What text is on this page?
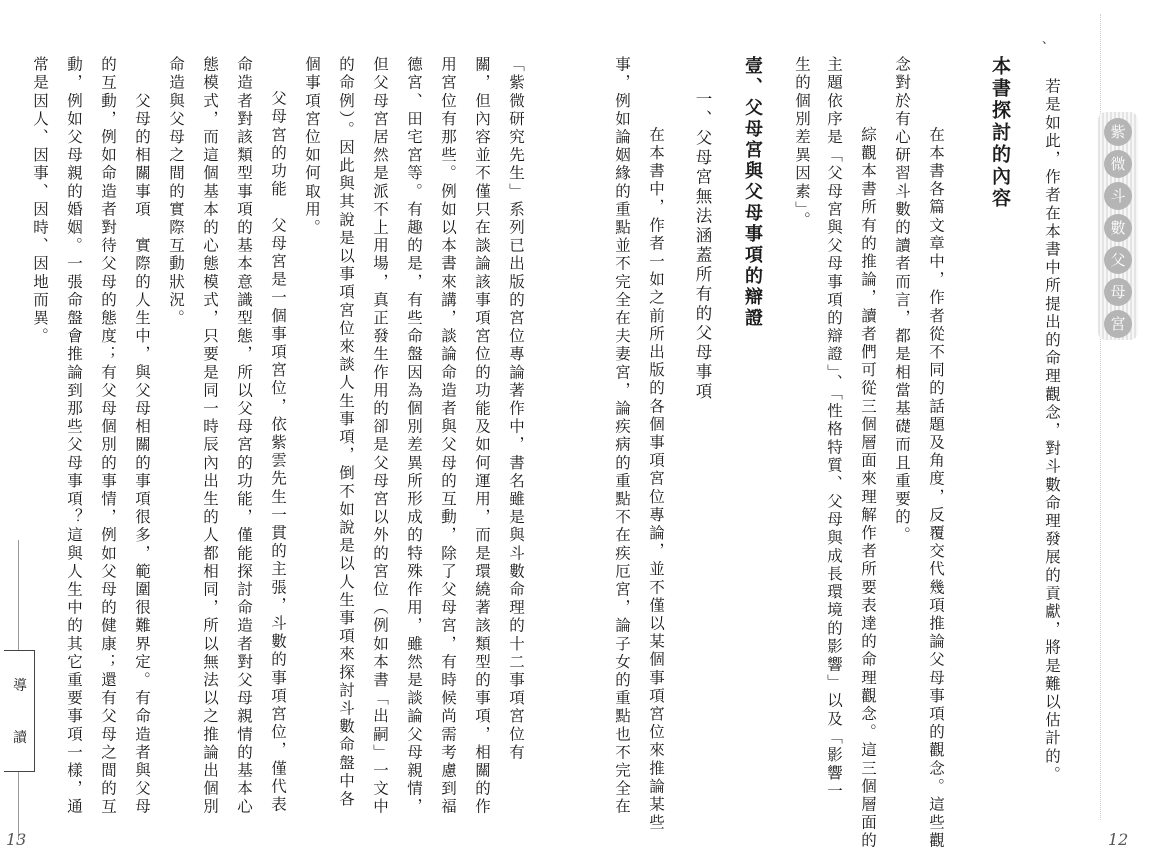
紫
微
斗
數
父
母
宮
若是如此，作者在本書中所提出的命理觀念，對斗數命理發展的貢獻，將是難以估計的。
本書探討的內容
　　在本書各篇文章中，作者從不同的話題及角度，反覆交代幾項推論父母事項的觀念。這些觀
念對於有心研習斗數的讀者而言，都是相當基礎而且重要的。
　　綜觀本書所有的推論，讀者們可從三個層面來理解作者所要表達的命理觀念。這三個層面的
主題依序是「父母宮與父母事項的辯證」、「性格特質、父母與成長環境的影響」以及「影響一
生的個別差異因素」。
壹、父母宮與父母事項的辯證
一、父母宮無法涵蓋所有的父母事項
　　在本書中，作者一如之前所出版的各個事項宮位專論，並不僅以某個事項宮位來推論某些
事，例如論姻緣的重點並不完全在夫妻宮，論疾病的重點不在疾厄宮，論子女的重點也不完全在
12
、
「紫微研究先生」系列已出版的宮位專論著作中，書名雖是與斗數命理的十二事項宮位有
關，但內容並不僅只在談論該事項宮位的功能及如何運用，而是環繞著該類型的事項，相關的作
用宮位有那些。例如以本書來講，談論命造者與父母的互動，除了父母宮，有時候尚需考慮到福
德宮、田宅宮等。有趣的是，有些命盤因為個別差異所形成的特殊作用，雖然是談論父母親情，
但父母宮居然是派不上用場，真正發生作用的卻是父母宮以外的宮位（例如本書「出嗣」一文中
的命例）。因此與其說是以事項宮位來談人生事項，倒不如說是以人生事項來探討斗數命盤中各
個事項宮位如何取用。
父母宮的功能　父母宮是一個事項宮位，依紫雲先生一貫的主張，斗數的事項宮位，僅代表
命造者對該類型事項的基本意識型態，所以父母宮的功能，僅能探討命造者對父母親情的基本心
態模式，而這個基本的心態模式，只要是同一時辰內出生的人都相同，所以無法以之推論出個別
命造與父母之間的實際互動狀況。
　　父母的相關事項　實際的人生中，與父母相關的事項很多，範圍很難界定。有命造者與父母
的互動，例如命造者對待父母的態度；有父母個別的事情，例如父母的健康；還有父母之間的互
動，例如父母親的婚姻。一張命盤會推論到那些父母事項？這與人生中的其它重要事項一樣，通
常是因人、因事、因時、因地而異。
導
讀
13
